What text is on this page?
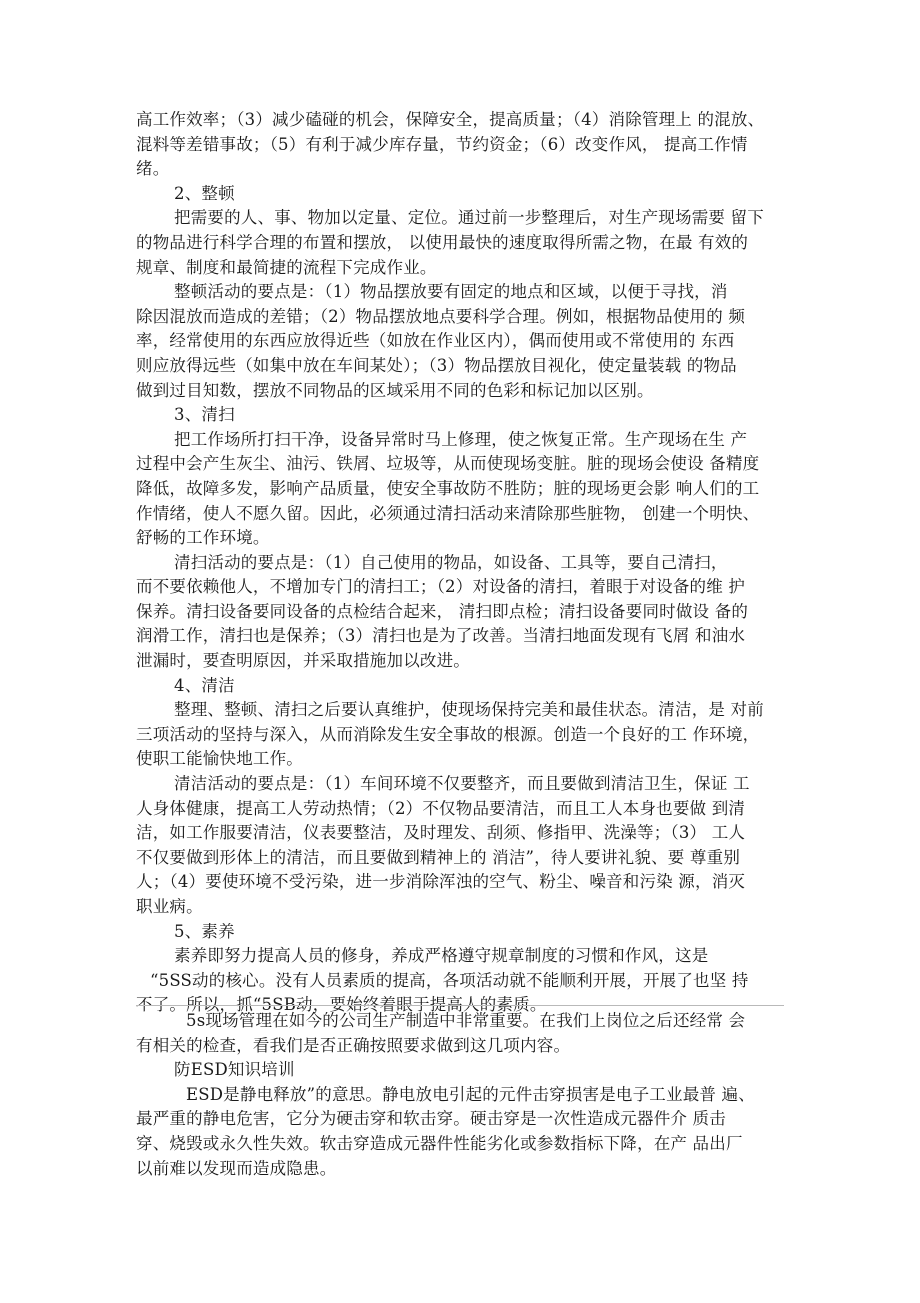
高工作效率；（3）减少磕碰的机会，保障安全，提高质量；（4）消除管理上 的混放、
混料等差错事故；（5）有利于减少库存量，节约资金；（6）改变作风， 提高工作情
绪。
2、整顿
把需要的人、事、物加以定量、定位。通过前一步整理后，对生产现场需要 留下
的物品进行科学合理的布置和摆放， 以使用最快的速度取得所需之物，在最 有效的
规章、制度和最简捷的流程下完成作业。
整顿活动的要点是：（1）物品摆放要有固定的地点和区域，以便于寻找，消
除因混放而造成的差错；（2）物品摆放地点要科学合理。例如，根据物品使用的 频
率，经常使用的东西应放得近些（如放在作业区内），偶而使用或不常使用的 东西
则应放得远些（如集中放在车间某处）；（3）物品摆放目视化，使定量装载 的物品
做到过目知数，摆放不同物品的区域采用不同的色彩和标记加以区别。
3、清扫
把工作场所打扫干净，设备异常时马上修理，使之恢复正常。生产现场在生 产
过程中会产生灰尘、油污、铁屑、垃圾等，从而使现场变脏。脏的现场会使设 备精度
降低，故障多发，影响产品质量，使安全事故防不胜防；脏的现场更会影 响人们的工
作情绪，使人不愿久留。因此，必须通过清扫活动来清除那些脏物， 创建一个明快、
舒畅的工作环境。
清扫活动的要点是：（1）自己使用的物品，如设备、工具等，要自己清扫，
而不要依赖他人，不增加专门的清扫工；（2）对设备的清扫，着眼于对设备的维 护
保养。清扫设备要同设备的点检结合起来， 清扫即点检；清扫设备要同时做设 备的
润滑工作，清扫也是保养；（3）清扫也是为了改善。当清扫地面发现有飞屑 和油水
泄漏时，要查明原因，并采取措施加以改进。
4、清洁
整理、整顿、清扫之后要认真维护，使现场保持完美和最佳状态。清洁，是 对前
三项活动的坚持与深入，从而消除发生安全事故的根源。创造一个良好的工 作环境，
使职工能愉快地工作。
清洁活动的要点是：（1）车间环境不仅要整齐，而且要做到清洁卫生，保证 工
人身体健康，提高工人劳动热情；（2）不仅物品要清洁，而且工人本身也要做 到清
洁，如工作服要清洁，仪表要整洁，及时理发、刮须、修指甲、洗澡等；（3） 工人
不仅要做到形体上的清洁，而且要做到精神上的 消洁”，待人要讲礼貌、要 尊重别
人；（4）要使环境不受污染，进一步消除浑浊的空气、粉尘、噪音和污染 源，消灭
职业病。
5、素养
素养即努力提高人员的修身，养成严格遵守规章制度的习惯和作风，这是
“5SS动的核心。没有人员素质的提高，各项活动就不能顺利开展，开展了也坚 持
不了。所以，抓“5SB动，要始终着眼于提高人的素质。
5s现场管理在如今的公司生产制造中非常重要。在我们上岗位之后还经常 会
有相关的检查，看我们是否正确按照要求做到这几项内容。
防ESD知识培训
ESD是静电释放”的意思。静电放电引起的元件击穿损害是电子工业最普 遍、
最严重的静电危害，它分为硬击穿和软击穿。硬击穿是一次性造成元器件介 质击
穿、烧毁或永久性失效。软击穿造成元器件性能劣化或参数指标下降，在产 品出厂
以前难以发现而造成隐患。
